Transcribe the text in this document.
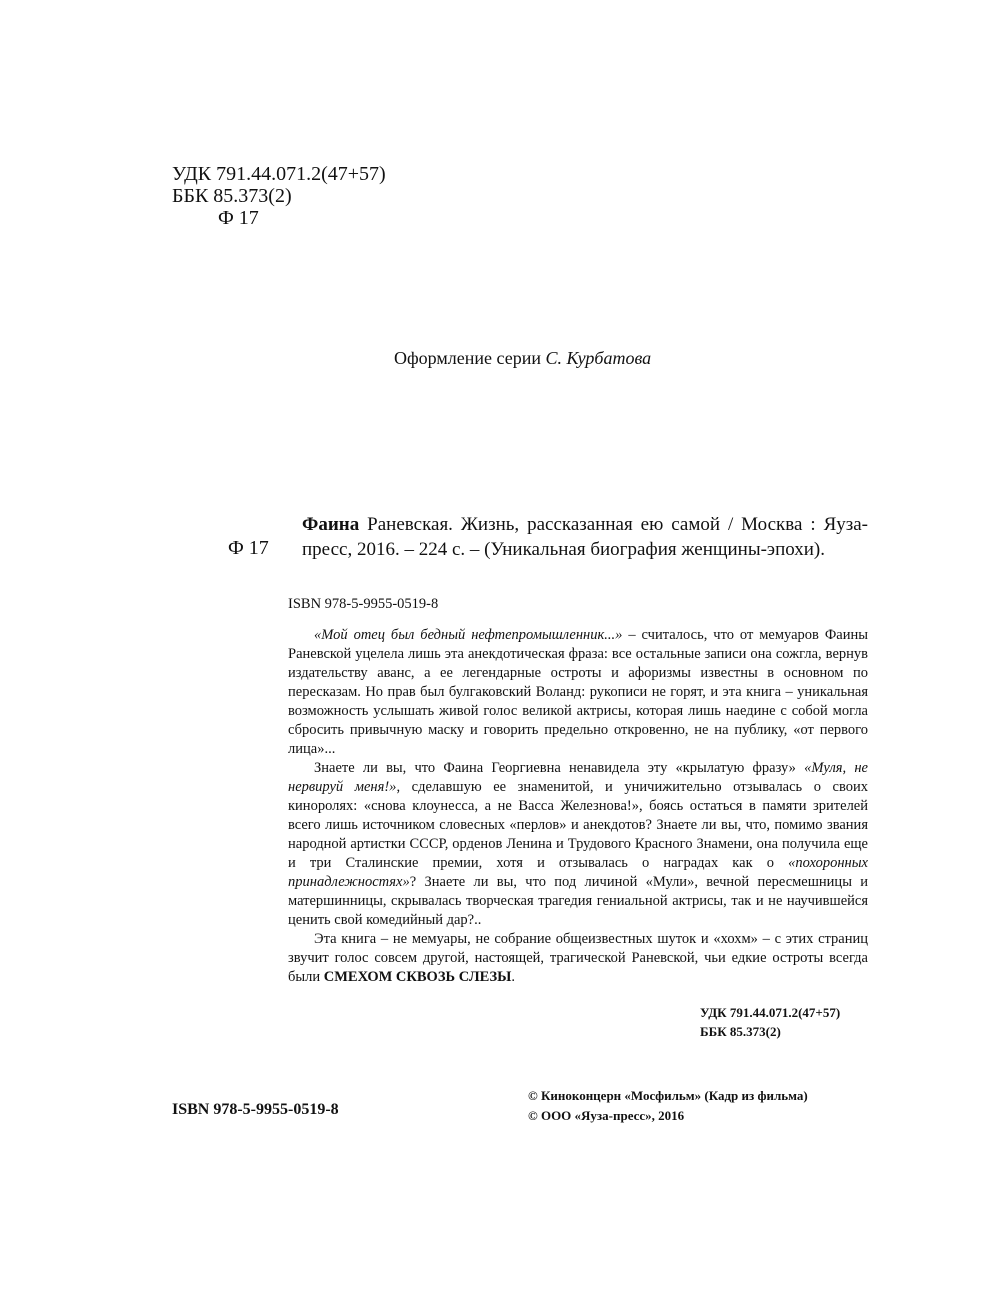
УДК 791.44.071.2(47+57)
ББК 85.373(2)
Ф 17
Оформление серии С. Курбатова
Ф 17
Фаина Раневская. Жизнь, рассказанная ею самой / Москва : Яуза-пресс, 2016. – 224 с. – (Уникальная биография женщины-эпохи).
ISBN 978-5-9955-0519-8

«Мой отец был бедный нефтепромышленник...» – считалось, что от мемуаров Фаины Раневской уцелела лишь эта анекдотическая фраза: все остальные записи она сожгла, вернув издательству аванс, а ее легендарные остроты и афоризмы известны в основном по пересказам. Но прав был булгаковский Воланд: рукописи не горят, и эта книга – уникальная возможность услышать живой голос великой актрисы, которая лишь наедине с собой могла сбросить привычную маску и говорить предельно откровенно, не на публику, «от первого лица»...

Знаете ли вы, что Фаина Георгиевна ненавидела эту «крылатую фразу» «Муля, не нервируй меня!», сделавшую ее знаменитой, и уничижительно отзывалась о своих киноролях: «снова клоунесса, а не Васса Железнова!», боясь остаться в памяти зрителей всего лишь источником словесных «перлов» и анекдотов? Знаете ли вы, что, помимо звания народной артистки СССР, орденов Ленина и Трудового Красного Знамени, она получила еще и три Сталинские премии, хотя и отзывалась о наградах как о «похоронных принадлежностях»? Знаете ли вы, что под личиной «Мули», вечной пересмешницы и матершинницы, скрывалась творческая трагедия гениальной актрисы, так и не научившейся ценить свой комедийный дар?..

Эта книга – не мемуары, не собрание общеизвестных шуток и «хохм» – с этих страниц звучит голос совсем другой, настоящей, трагической Раневской, чьи едкие остроты всегда были СМЕХОМ СКВОЗЬ СЛЕЗЫ.

УДК 791.44.071.2(47+57)
ББК 85.373(2)
ISBN 978-5-9955-0519-8
© Киноконцерн «Мосфильм» (Кадр из фильма)
© ООО «Яуза-пресс», 2016
